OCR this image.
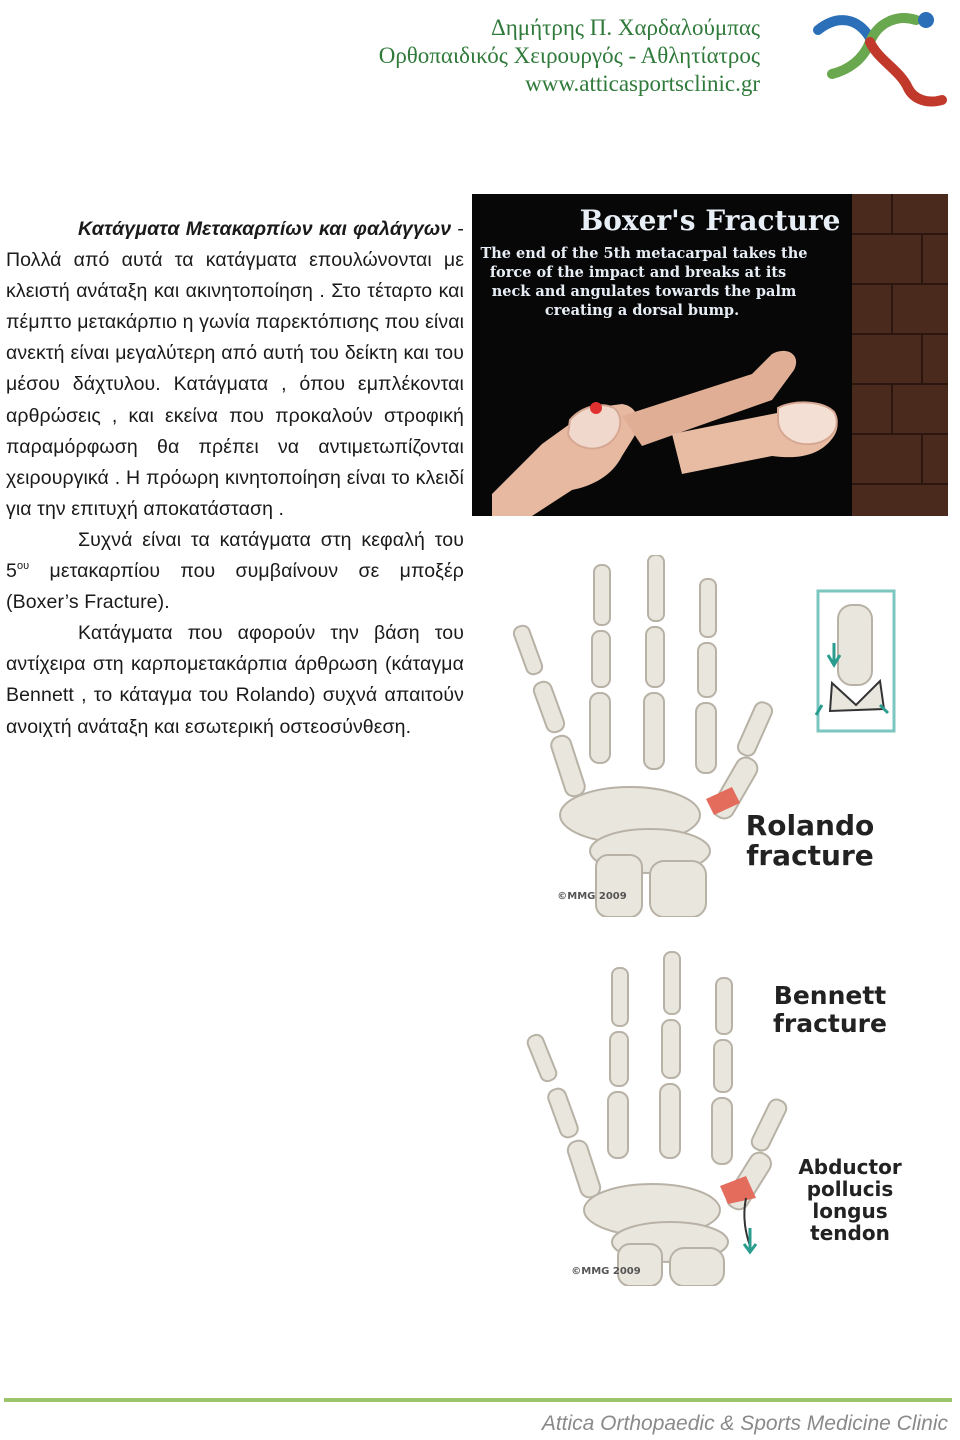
Δημήτρης Π. Χαρδαλούμπας
Ορθοπαιδικός Χειρουργός - Αθλητίατρος
www.atticasportsclinic.gr

Κατάγματα Μετακαρπίων και φαλάγγων - Πολλά από αυτά τα κατάγματα επουλώνονται με κλειστή ανάταξη και ακινητοποίηση . Στο τέταρτο και πέμπτο μετακάρπιο η γωνία παρεκτόπισης που είναι ανεκτή είναι μεγαλύτερη από αυτή του δείκτη και του μέσου δάχτυλου. Κατάγματα , όπου εμπλέκονται αρθρώσεις , και εκείνα που προκαλούν στροφική παραμόρφωση θα πρέπει να αντιμετωπίζονται χειρουργικά . Η πρόωρη κινητοποίηση είναι το κλειδί για την επιτυχή αποκατάσταση .

Συχνά είναι τα κατάγματα στη κεφαλή του $5^{o\upsilon}$ μετακαρπίου που συμβαίνουν σε μποξέρ (Boxer’s Fracture).

Κατάγματα που αφορούν την βάση του αντίχειρα στη καρπομετακάρπια άρθρωση (κάταγμα Bennett , το κάταγμα του Rolando) συχνά απαιτούν ανοιχτή ανάταξη και εσωτερική οστεοσύνθεση.

Boxer's Fracture
The end of the 5th metacarpal takes the
force of the impact and breaks at its
neck and angulates towards the palm
creating a dorsal bump.
Rolando
fracture
©MMG 2009
Bennett
fracture
Abductor
pollucis
longus
tendon
©MMG 2009
Attica Orthopaedic & Sports Medicine Clinic
